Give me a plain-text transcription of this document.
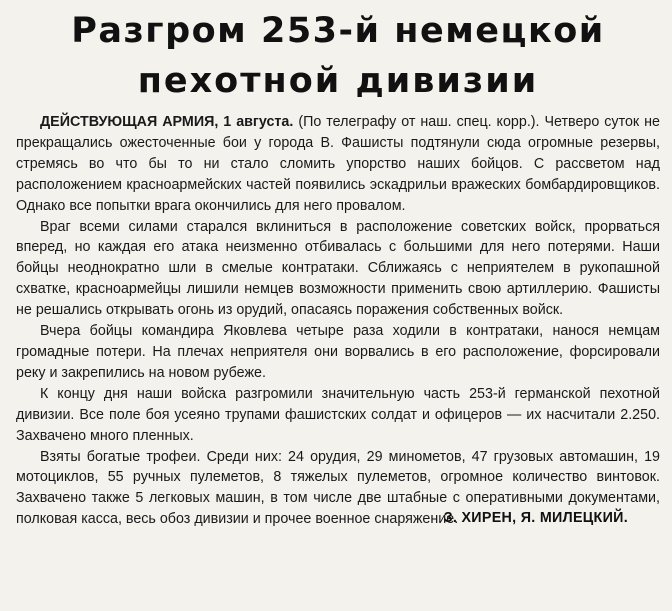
Разгром 253-й немецкой
пехотной дивизии

ДЕЙСТВУЮЩАЯ АРМИЯ, 1 августа. (По телеграфу от наш. спец. корр.). Четверо суток не прекращались ожесточенные бои у города В. Фашисты подтянули сюда огромные резервы, стремясь во что бы то ни стало сломить упорство наших бойцов. С рассветом над расположением красноармейских частей появились эскадрильи вражеских бомбардировщиков. Однако все попытки врага окончились для него провалом.

Враг всеми силами старался вклиниться в расположение советских войск, прорваться вперед, но каждая его атака неизменно отбивалась с большими для него потерями. Наши бойцы неоднократно шли в смелые контратаки. Сближаясь с неприятелем в рукопашной схватке, красноармейцы лишили немцев возможности применить свою артиллерию. Фашисты не решались открывать огонь из орудий, опасаясь поражения собственных войск.

Вчера бойцы командира Яковлева четыре раза ходили в контратаки, нанося немцам громадные потери. На плечах неприятеля они ворвались в его расположение, форсировали реку и закрепились на новом рубеже.

К концу дня наши войска разгромили значительную часть 253-й германской пехотной дивизии. Все поле боя усеяно трупами фашистских солдат и офицеров — их насчитали 2.250. Захвачено много пленных.

Взяты богатые трофеи. Среди них: 24 орудия, 29 минометов, 47 грузовых автомашин, 19 мотоциклов, 55 ручных пулеметов, 8 тяжелых пулеметов, огромное количество винтовок. Захвачено также 5 легковых машин, в том числе две штабные с оперативными документами, полковая касса, весь обоз дивизии и прочее военное снаряжение.

З. ХИРЕН, Я. МИЛЕЦКИЙ.
